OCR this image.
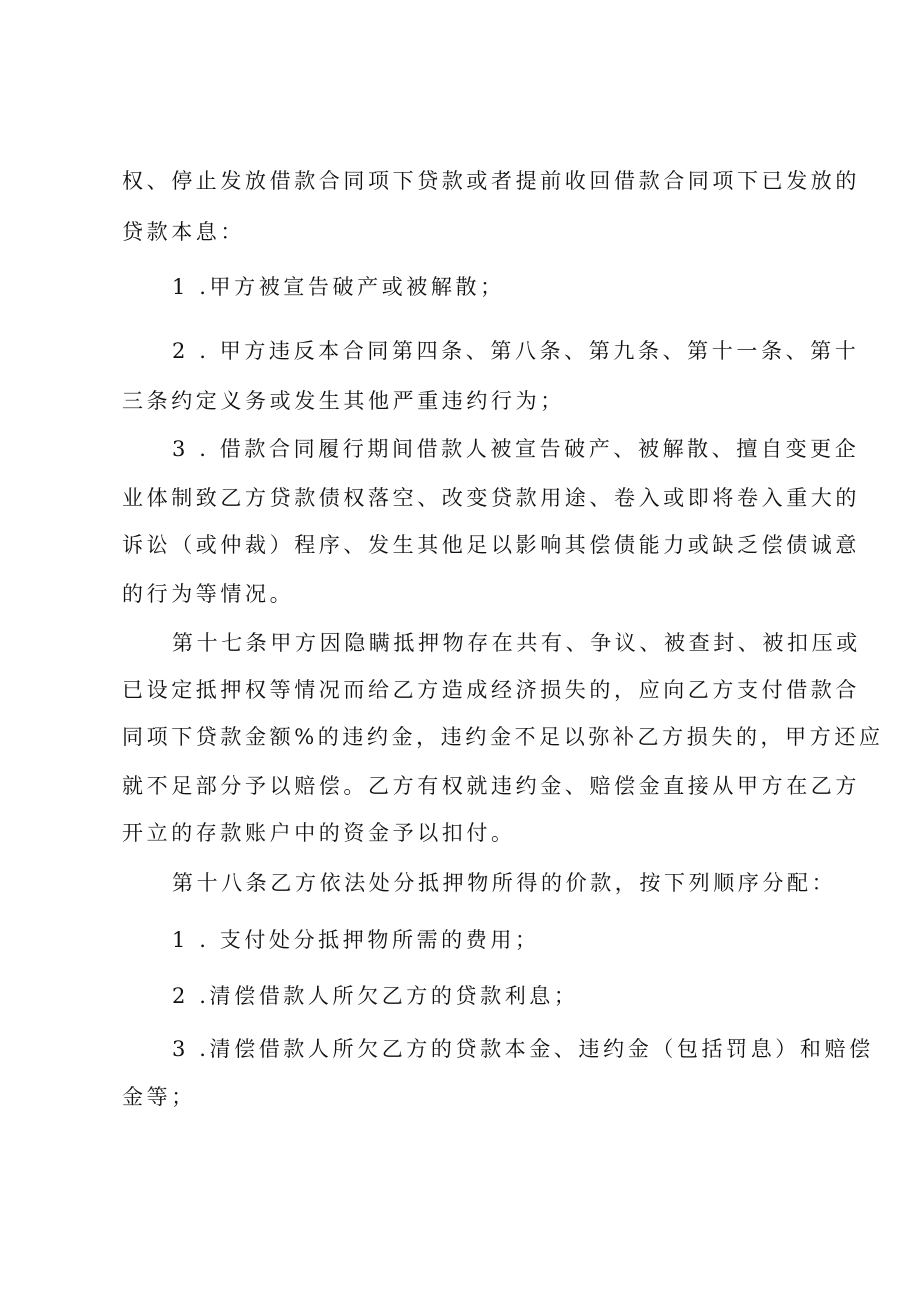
权、停止发放借款合同项下贷款或者提前收回借款合同项下已发放的
贷款本息：
1 .甲方被宣告破产或被解散；
2 . 甲方违反本合同第四条、第八条、第九条、第十一条、第十
三条约定义务或发生其他严重违约行为；
3 . 借款合同履行期间借款人被宣告破产、被解散、擅自变更企
业体制致乙方贷款债权落空、改变贷款用途、卷入或即将卷入重大的
诉讼（或仲裁）程序、发生其他足以影响其偿债能力或缺乏偿债诚意
的行为等情况。
第十七条甲方因隐瞒抵押物存在共有、争议、被查封、被扣压或
已设定抵押权等情况而给乙方造成经济损失的，应向乙方支付借款合
同项下贷款金额%的违约金，违约金不足以弥补乙方损失的，甲方还应
就不足部分予以赔偿。乙方有权就违约金、赔偿金直接从甲方在乙方
开立的存款账户中的资金予以扣付。
第十八条乙方依法处分抵押物所得的价款，按下列顺序分配：
1 . 支付处分抵押物所需的费用；
2 .清偿借款人所欠乙方的贷款利息；
3 .清偿借款人所欠乙方的贷款本金、违约金（包括罚息）和赔偿
金等；
